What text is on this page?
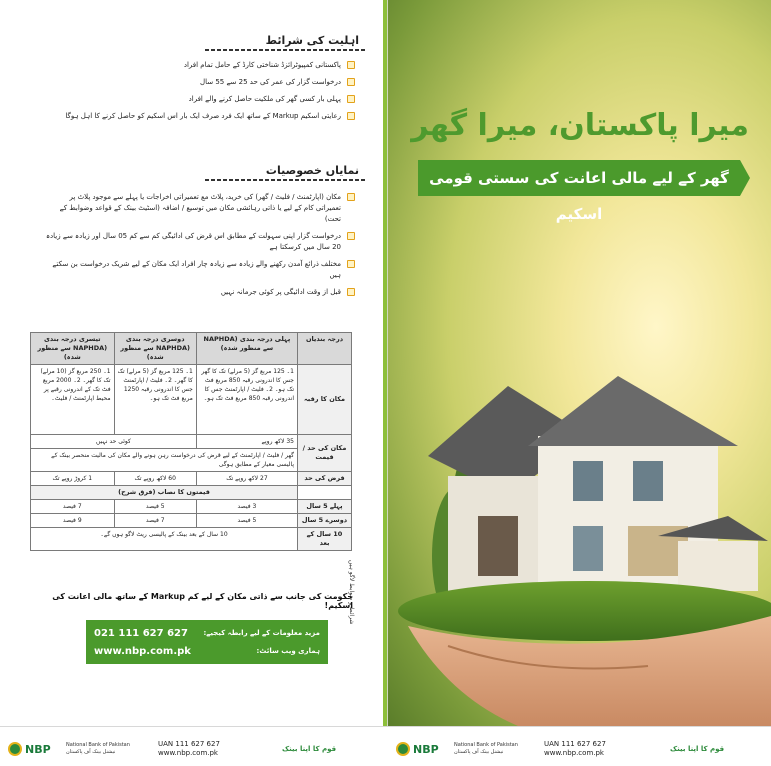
اہلیت کی شرائط
پاکستانی کمپیوٹرائزڈ شناختی کارڈ کے حامل تمام افراد
درخواست گزار کی عمر کی حد 25 سے 55 سال
پہلی بار کسی گھر کی ملکیت حاصل کرنے والے افراد
رعایتی اسکیم Markup کے ساتھ ایک فرد صرف ایک بار اس اسکیم کو حاصل کرنے کا اہل ہوگا
نمایاں خصوصیات
مکان (اپارٹمنٹ / فلیٹ / گھر) کی خرید، پلاٹ مع تعمیراتی اخراجات یا پہلے سے موجود پلاٹ پر تعمیراتی کام کے لیے یا ذاتی رہائشی مکان میں توسیع / اضافہ (اسٹیٹ بینک کے قواعد وضوابط کے تحت)
درخواست گزار اپنی سہولت کے مطابق اس قرض کی ادائیگی کم سے کم 05 سال اور زیادہ سے زیادہ 20 سال میں کرسکتا ہے
مختلف ذرائع آمدن رکھنے والے زیادہ سے زیادہ چار افراد ایک مکان کے لیے شریک درخواست بن سکتے ہیں
قبل از وقت ادائیگی پر کوئی جرمانہ نہیں
درجہ بندیاں	پہلی درجہ بندی (NAPHDA سے منظور شدہ)	دوسری درجہ بندی (NAPHDA سے منظور شدہ)	تیسری درجہ بندی (NAPHDA سے منظور شدہ)
مکان کا رقبہ	1۔ 125 مربع گز (5 مرلے) تک کا گھر جس کا اندرونی رقبہ 850 مربع فٹ تک ہو۔ 2۔ فلیٹ / اپارٹمنٹ جس کا اندرونی رقبہ 850 مربع فٹ تک ہو۔	1۔ 125 مربع گز (5 مرلے) تک کا گھر۔ 2۔ فلیٹ / اپارٹمنٹ جس کا اندرونی رقبہ 1250 مربع فٹ تک ہو۔	1۔ 250 مربع گز (10 مرلے) تک کا گھر۔ 2۔ 2000 مربع فٹ تک کے اندرونی رقبے پر محیط اپارٹمنٹ / فلیٹ۔
مکان کی حد / قیمت	35 لاکھ روپے	کوئی حد نہیں	
	گھر / فلیٹ / اپارٹمنٹ کے لیے قرض کی درخواست رہن ہونے والے مکان کی مالیت منحصر بینک کے پالیسی معیار کے مطابق ہوگی		
قرض کی حد	27 لاکھ روپے تک	60 لاکھ روپے تک	1 کروڑ روپے تک
	قیمتوں کا نصاب (فرق شرح)		
پہلے 5 سال	3 فیصد	5 فیصد	7 فیصد
دوسرے 5 سال	5 فیصد	7 فیصد	9 فیصد
10 سال کے بعد	10 سال کے بعد بینک کے پالیسی ریٹ لاگو ہوں گے۔		
شرائط و ضوابط لاگو ہیں
حکومت کی جانب سے ذاتی مکان کے لیے کم Markup کے ساتھ مالی اعانت کی اسکیم!
021 111 627 627 مزید معلومات کے لیے رابطہ کیجیے:
www.nbp.com.pk	ہماری ویب سائٹ:
میرا پاکستان، میرا گھر
گھر کے لیے مالی اعانت کی سستی قومی اسکیم
NBP	National Bank of Pakistan
نیشنل بینک آف پاکستان
UAN 111 627 627
www.nbp.com.pk	قوم کا اپنا بینک	NBP	National Bank of Pakistan
نیشنل بینک آف پاکستان
UAN 111 627 627
www.nbp.com.pk	قوم کا اپنا بینک
